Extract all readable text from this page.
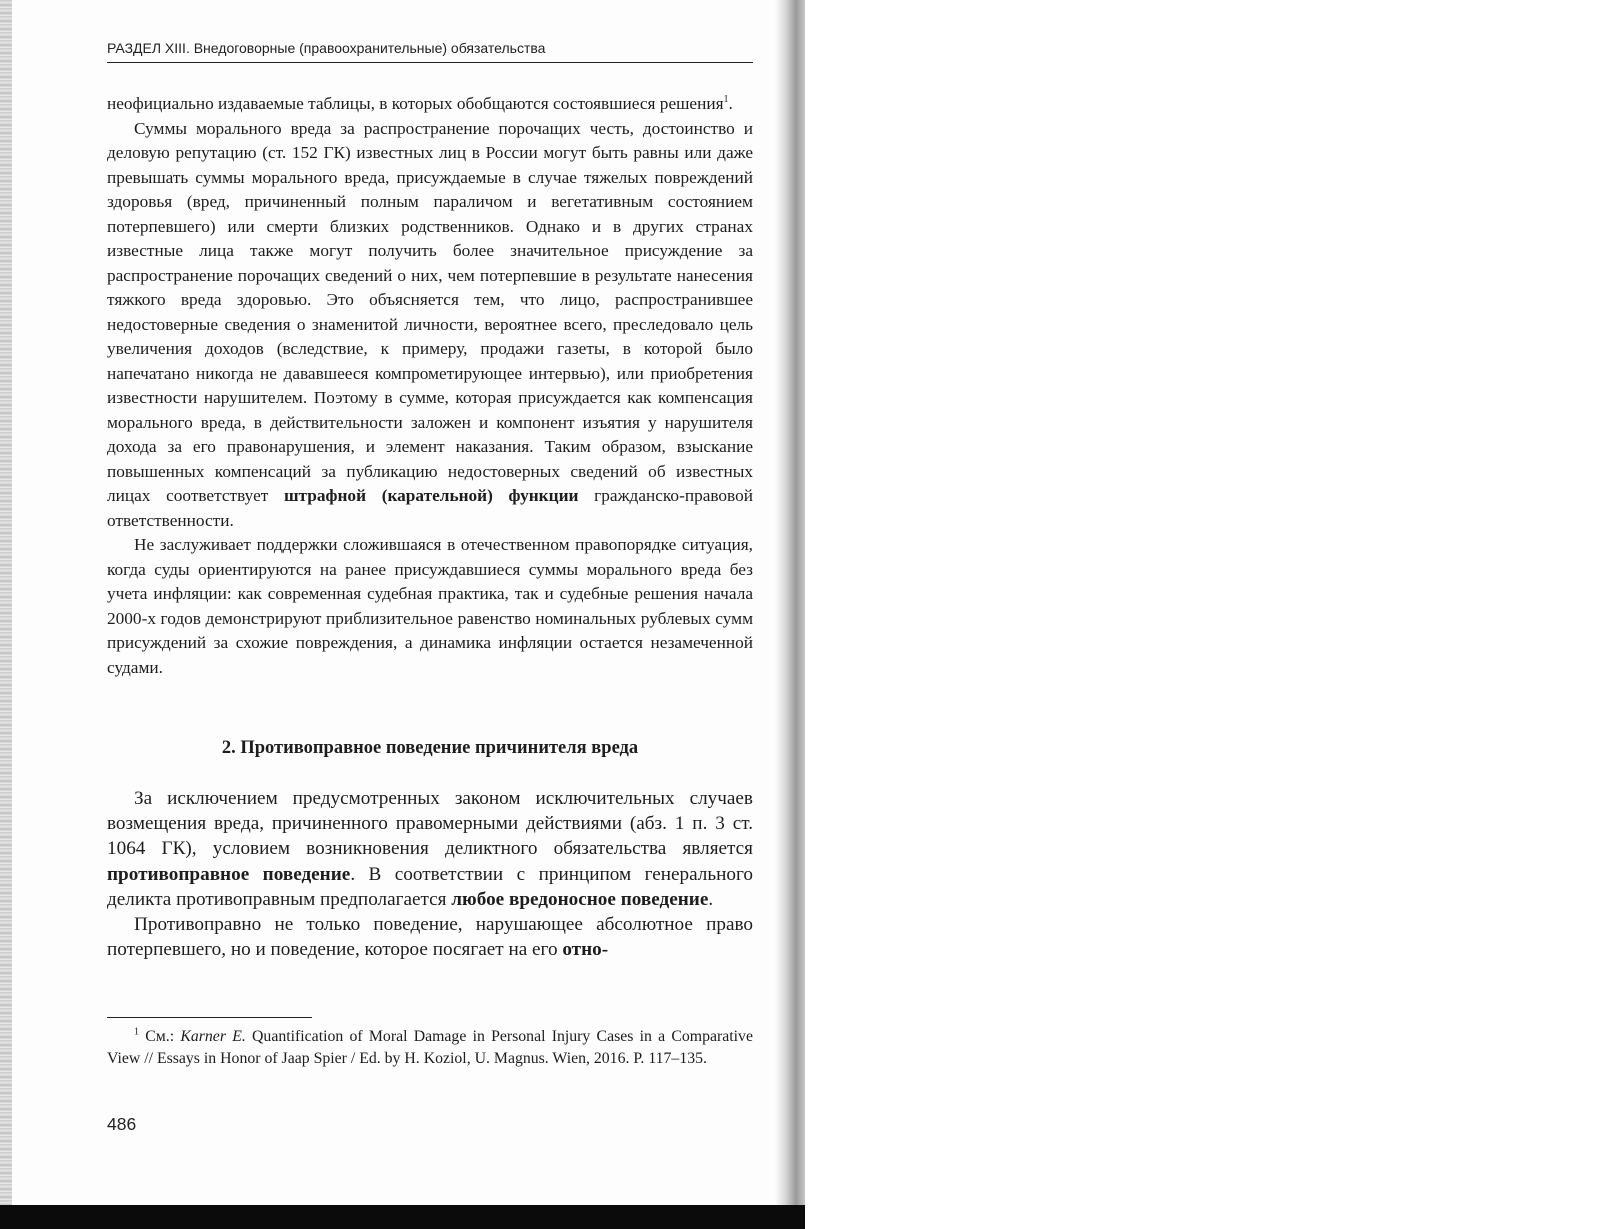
РАЗДЕЛ XIII. Внедоговорные (правоохранительные) обязательства

неофициально издаваемые таблицы, в которых обобщаются состоявшиеся решения$^1$.

Суммы морального вреда за распространение порочащих честь, достоинство и деловую репутацию (ст. 152 ГК) известных лиц в России могут быть равны или даже превышать суммы морального вреда, присуждаемые в случае тяжелых повреждений здоровья (вред, причиненный полным параличом и вегетативным состоянием потерпевшего) или смерти близких родственников. Однако и в других странах известные лица также могут получить более значительное присуждение за распространение порочащих сведений о них, чем потерпевшие в результате нанесения тяжкого вреда здоровью. Это объясняется тем, что лицо, распространившее недостоверные сведения о знаменитой личности, вероятнее всего, преследовало цель увеличения доходов (вследствие, к примеру, продажи газеты, в которой было напечатано никогда не дававшееся компрометирующее интервью), или приобретения известности нарушителем. Поэтому в сумме, которая присуждается как компенсация морального вреда, в действительности заложен и компонент изъятия у нарушителя дохода за его правонарушения, и элемент наказания. Таким образом, взыскание повышенных компенсаций за публикацию недостоверных сведений об известных лицах соответствует штрафной (карательной) функции гражданско-правовой ответственности.

Не заслуживает поддержки сложившаяся в отечественном правопорядке ситуация, когда суды ориентируются на ранее присуждавшиеся суммы морального вреда без учета инфляции: как современная судебная практика, так и судебные решения начала 2000-х годов демонстрируют приблизительное равенство номинальных рублевых сумм присуждений за схожие повреждения, а динамика инфляции остается незамеченной судами.

2. Противоправное поведение причинителя вреда

За исключением предусмотренных законом исключительных случаев возмещения вреда, причиненного правомерными действиями (абз. 1 п. 3 ст. 1064 ГК), условием возникновения деликтного обязательства является противоправное поведение. В соответствии с принципом генерального деликта противоправным предполагается любое вредоносное поведение.

Противоправно не только поведение, нарушающее абсолютное право потерпевшего, но и поведение, которое посягает на его отно-

$^1$ См.: Karner E. Quantification of Moral Damage in Personal Injury Cases in a Comparative View // Essays in Honor of Jaap Spier / Ed. by H. Koziol, U. Magnus. Wien, 2016. P. 117–135.

486
